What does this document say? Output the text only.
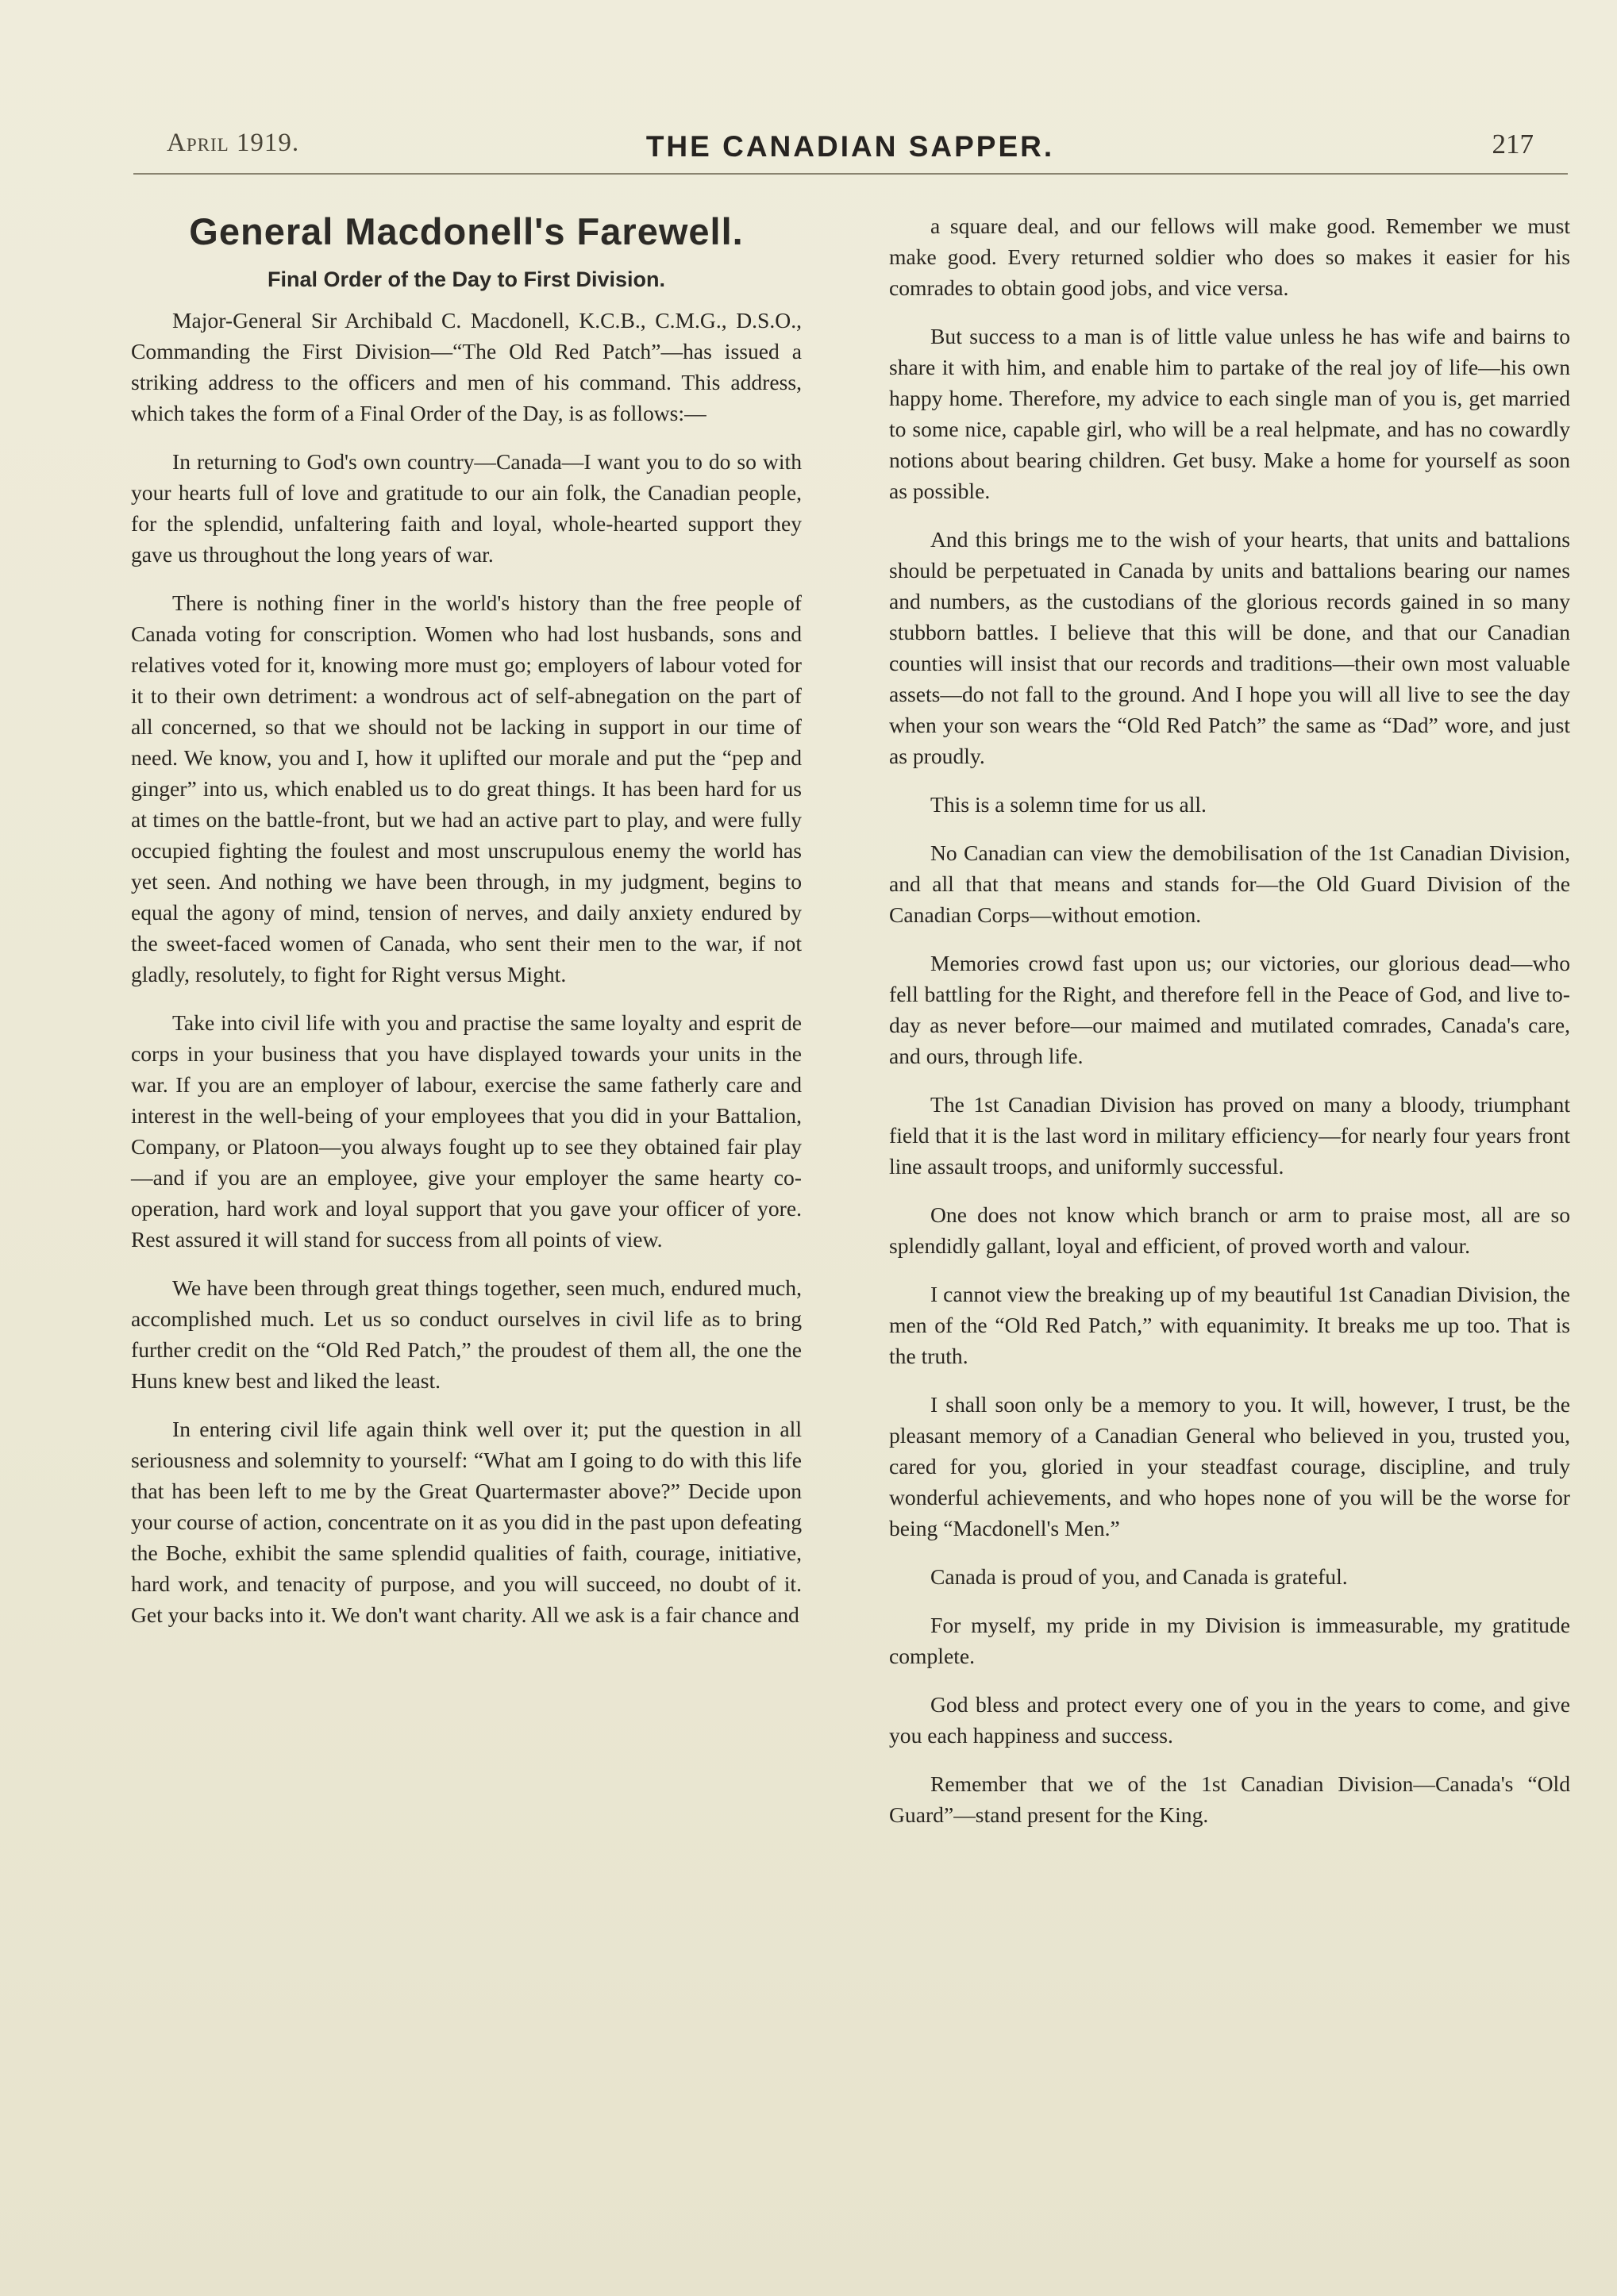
April 1919.	THE CANADIAN SAPPER.	217
General Macdonell's Farewell.
Final Order of the Day to First Division.

Major-General Sir Archibald C. Macdonell, K.C.B., C.M.G., D.S.O., Commanding the First Division—“The Old Red Patch”—has issued a striking address to the officers and men of his command. This address, which takes the form of a Final Order of the Day, is as follows:—

In returning to God's own country—Canada—I want you to do so with your hearts full of love and gratitude to our ain folk, the Canadian people, for the splendid, unfaltering faith and loyal, whole-hearted support they gave us throughout the long years of war.

There is nothing finer in the world's history than the free people of Canada voting for conscription. Women who had lost husbands, sons and relatives voted for it, knowing more must go; employers of labour voted for it to their own detriment: a wondrous act of self-abnegation on the part of all concerned, so that we should not be lacking in support in our time of need. We know, you and I, how it uplifted our morale and put the “pep and ginger” into us, which enabled us to do great things. It has been hard for us at times on the battle-front, but we had an active part to play, and were fully occupied fighting the foulest and most unscrupulous enemy the world has yet seen. And nothing we have been through, in my judgment, begins to equal the agony of mind, tension of nerves, and daily anxiety endured by the sweet-faced women of Canada, who sent their men to the war, if not gladly, resolutely, to fight for Right versus Might.

Take into civil life with you and practise the same loyalty and esprit de corps in your business that you have displayed towards your units in the war. If you are an employer of labour, exercise the same fatherly care and interest in the well-being of your employees that you did in your Battalion, Company, or Platoon—you always fought up to see they obtained fair play—and if you are an employee, give your employer the same hearty co-operation, hard work and loyal support that you gave your officer of yore. Rest assured it will stand for success from all points of view.

We have been through great things together, seen much, endured much, accomplished much. Let us so conduct ourselves in civil life as to bring further credit on the “Old Red Patch,” the proudest of them all, the one the Huns knew best and liked the least.

In entering civil life again think well over it; put the question in all seriousness and solemnity to yourself: “What am I going to do with this life that has been left to me by the Great Quartermaster above?” Decide upon your course of action, concentrate on it as you did in the past upon defeating the Boche, exhibit the same splendid qualities of faith, courage, initiative, hard work, and tenacity of purpose, and you will succeed, no doubt of it. Get your backs into it. We don't want charity. All we ask is a fair chance and

a square deal, and our fellows will make good. Remember we must make good. Every returned soldier who does so makes it easier for his comrades to obtain good jobs, and vice versa.

But success to a man is of little value unless he has wife and bairns to share it with him, and enable him to partake of the real joy of life—his own happy home. Therefore, my advice to each single man of you is, get married to some nice, capable girl, who will be a real helpmate, and has no cowardly notions about bearing children. Get busy. Make a home for yourself as soon as possible.

And this brings me to the wish of your hearts, that units and battalions should be perpetuated in Canada by units and battalions bearing our names and numbers, as the custodians of the glorious records gained in so many stubborn battles. I believe that this will be done, and that our Canadian counties will insist that our records and traditions—their own most valuable assets—do not fall to the ground. And I hope you will all live to see the day when your son wears the “Old Red Patch” the same as “Dad” wore, and just as proudly.

This is a solemn time for us all.

No Canadian can view the demobilisation of the 1st Canadian Division, and all that that means and stands for—the Old Guard Division of the Canadian Corps—without emotion.

Memories crowd fast upon us; our victories, our glorious dead—who fell battling for the Right, and therefore fell in the Peace of God, and live to-day as never before—our maimed and mutilated comrades, Canada's care, and ours, through life.

The 1st Canadian Division has proved on many a bloody, triumphant field that it is the last word in military efficiency—for nearly four years front line assault troops, and uniformly successful.

One does not know which branch or arm to praise most, all are so splendidly gallant, loyal and efficient, of proved worth and valour.

I cannot view the breaking up of my beautiful 1st Canadian Division, the men of the “Old Red Patch,” with equanimity. It breaks me up too. That is the truth.

I shall soon only be a memory to you. It will, however, I trust, be the pleasant memory of a Canadian General who believed in you, trusted you, cared for you, gloried in your steadfast courage, discipline, and truly wonderful achievements, and who hopes none of you will be the worse for being “Macdonell's Men.”

Canada is proud of you, and Canada is grateful.

For myself, my pride in my Division is immeasurable, my gratitude complete.

God bless and protect every one of you in the years to come, and give you each happiness and success.

Remember that we of the 1st Canadian Division—Canada's “Old Guard”—stand present for the King.
